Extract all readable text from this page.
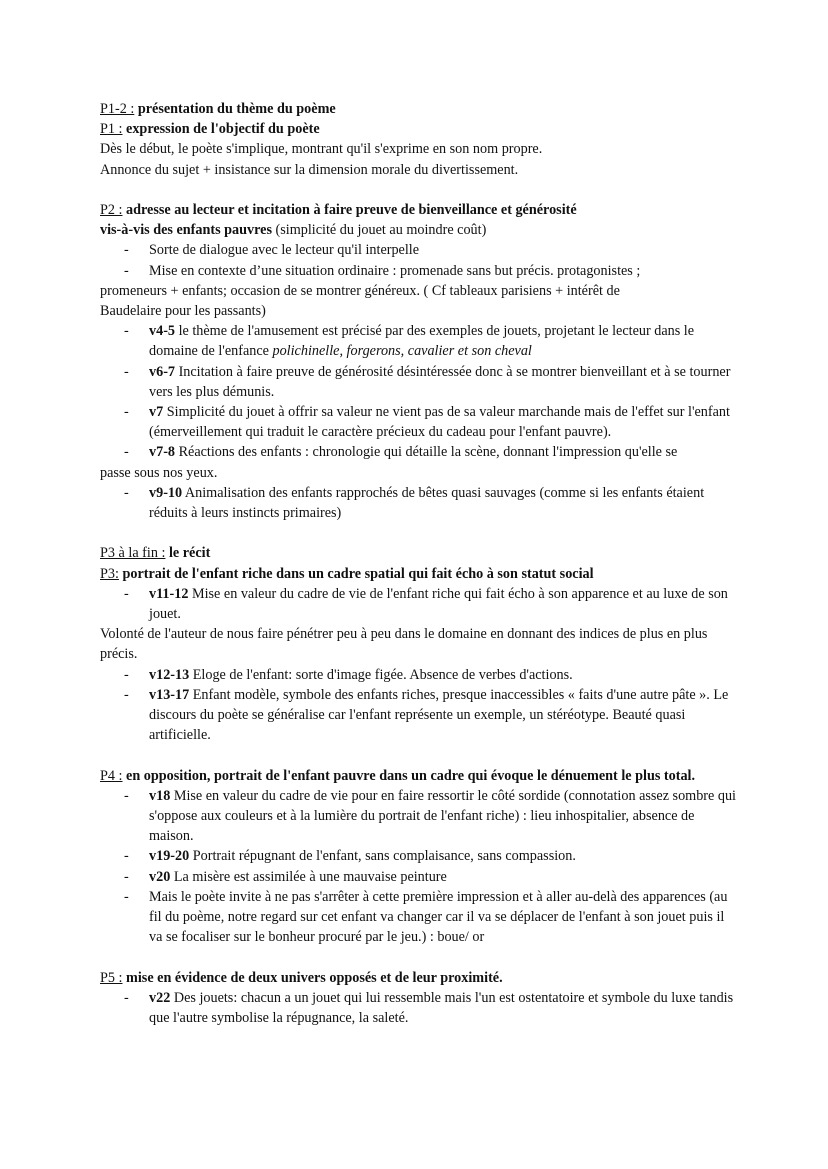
P1-2 : présentation du thème du poème

P1 : expression de l'objectif du poète

Dès le début, le poète s'implique, montrant qu'il s'exprime en son nom propre.

Annonce du sujet + insistance sur la dimension morale du divertissement.

P2 : adresse au lecteur et incitation à faire preuve de bienveillance et générosité

vis-à-vis des enfants pauvres (simplicité du jouet au moindre coût)

- Sorte de dialogue avec le lecteur qu'il interpelle

- Mise en contexte d’une situation ordinaire : promenade sans but précis. protagonistes ;

promeneurs + enfants; occasion de se montrer généreux. ( Cf tableaux parisiens + intérêt de

Baudelaire pour les passants)

- v4-5 le thème de l'amusement est précisé par des exemples de jouets, projetant le lecteur dans le domaine de l'enfance polichinelle, forgerons, cavalier et son cheval

- v6-7 Incitation à faire preuve de générosité désintéressée donc à se montrer bienveillant et à se tourner vers les plus démunis.

- v7 Simplicité du jouet à offrir sa valeur ne vient pas de sa valeur marchande mais de l'effet sur l'enfant (émerveillement qui traduit le caractère précieux du cadeau pour l'enfant pauvre).

- v7-8 Réactions des enfants : chronologie qui détaille la scène, donnant l'impression qu'elle se

passe sous nos yeux.

- v9-10 Animalisation des enfants rapprochés de bêtes quasi sauvages (comme si les enfants étaient réduits à leurs instincts primaires)

P3 à la fin : le récit

P3: portrait de l'enfant riche dans un cadre spatial qui fait écho à son statut social

- v11-12 Mise en valeur du cadre de vie de l'enfant riche qui fait écho à son apparence et au luxe de son jouet.

Volonté de l'auteur de nous faire pénétrer peu à peu dans le domaine en donnant des indices de plus en plus précis.

- v12-13 Eloge de l'enfant: sorte d'image figée. Absence de verbes d'actions.

- v13-17 Enfant modèle, symbole des enfants riches, presque inaccessibles « faits d'une autre pâte ». Le discours du poète se généralise car l'enfant représente un exemple, un stéréotype. Beauté quasi artificielle.

P4 : en opposition, portrait de l'enfant pauvre dans un cadre qui évoque le dénuement le plus total.

- v18 Mise en valeur du cadre de vie pour en faire ressortir le côté sordide (connotation assez sombre qui s'oppose aux couleurs et à la lumière du portrait de l'enfant riche) : lieu inhospitalier, absence de maison.

- v19-20 Portrait répugnant de l'enfant, sans complaisance, sans compassion.

- v20 La misère est assimilée à une mauvaise peinture

- Mais le poète invite à ne pas s'arrêter à cette première impression et à aller au-delà des apparences (au fil du poème, notre regard sur cet enfant va changer car il va se déplacer de l'enfant à son jouet puis il va se focaliser sur le bonheur procuré par le jeu.) : boue/ or

P5 : mise en évidence de deux univers opposés et de leur proximité.

- v22 Des jouets: chacun a un jouet qui lui ressemble mais l'un est ostentatoire et symbole du luxe tandis que l'autre symbolise la répugnance, la saleté.
